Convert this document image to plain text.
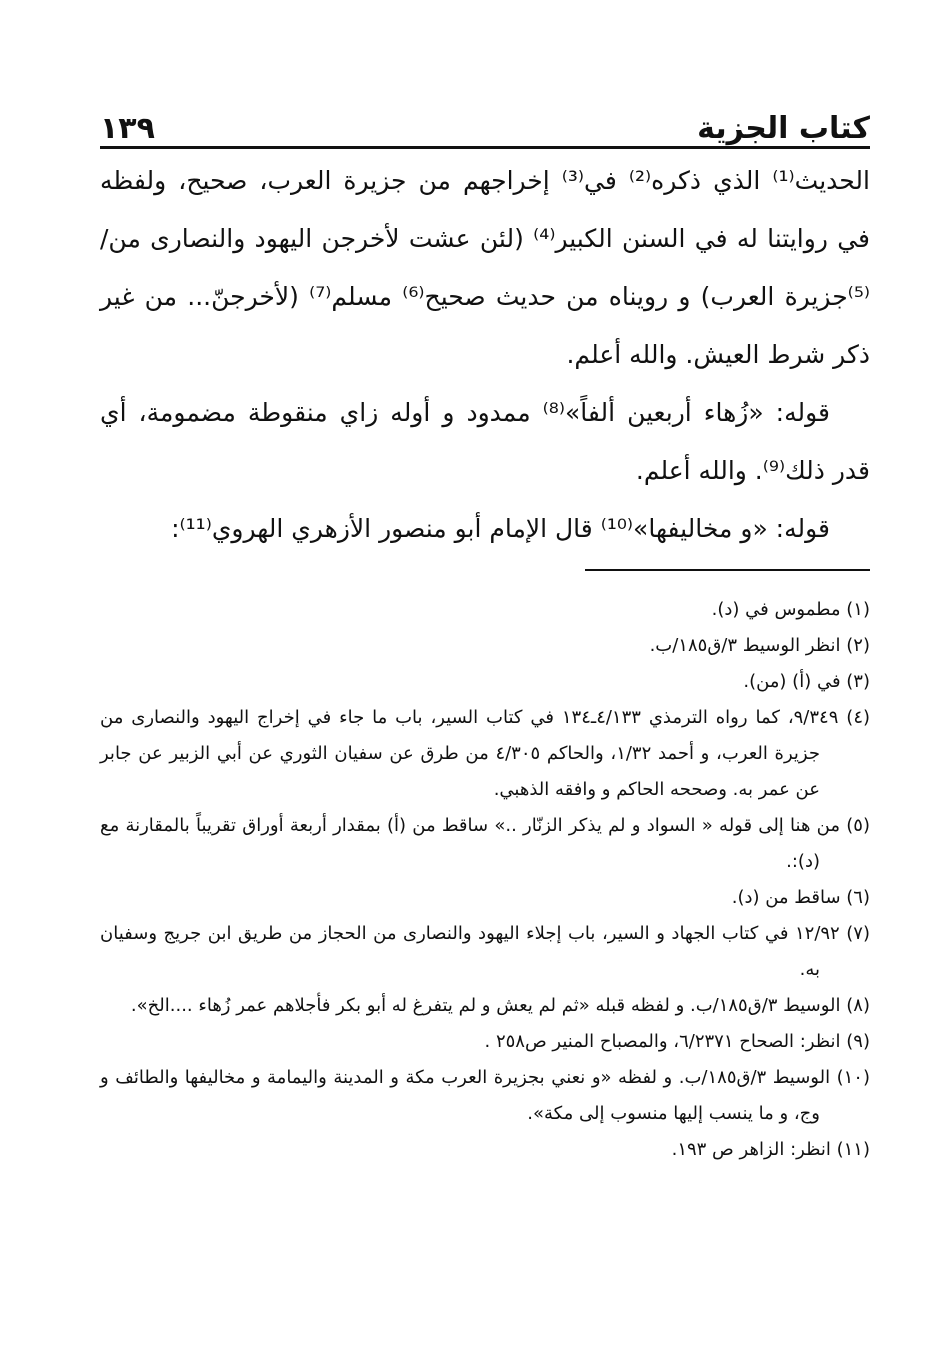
كتاب الجزية
١٣٩

الحديث⁽¹⁾ الذي ذكره⁽²⁾ في⁽³⁾ إخراجهم من جزيرة العرب، صحيح، ولفظه في روايتنا له في السنن الكبير⁽⁴⁾ (لئن عشت لأخرجن اليهود والنصارى من/⁽⁵⁾جزيرة العرب) و رويناه من حديث صحيح⁽⁶⁾ مسلم⁽⁷⁾ (لأخرجنّ... من غير ذكر شرط العيش. والله أعلم.

قوله: «زُهاء أربعين ألفاً»⁽⁸⁾ ممدود و أوله زاي منقوطة مضمومة، أي قدر ذلك⁽⁹⁾. والله أعلم.

قوله: «و مخاليفها»⁽¹⁰⁾ قال الإمام أبو منصور الأزهري الهروي⁽¹¹⁾:

(١) مطموس في (د).

(٢) انظر الوسيط ٣/ق١٨٥/ب.

(٣) في (أ) (من).

(٤) ٩/٣٤٩، كما رواه الترمذي ٤/١٣٣ـ١٣٤ في كتاب السير، باب ما جاء في إخراج اليهود والنصارى من جزيرة العرب، و أحمد ١/٣٢، والحاكم ٤/٣٠٥ من طرق عن سفيان الثوري عن أبي الزبير عن جابر عن عمر به. وصححه الحاكم و وافقه الذهبي.

(٥) من هنا إلى قوله « السواد و لم يذكر الزنّار ..» ساقط من (أ) بمقدار أربعة أوراق تقريباً بالمقارنة مع (د):.

(٦) ساقط من (د).

(٧) ١٢/٩٢ في كتاب الجهاد و السير، باب إجلاء اليهود والنصارى من الحجاز من طريق ابن جريج وسفيان به.

(٨) الوسيط ٣/ق١٨٥/ب. و لفظه قبله «ثم لم يعش و لم يتفرغ له أبو بكر فأجلاهم عمر زُهاء ....الخ».

(٩) انظر: الصحاح ٦/٢٣٧١، والمصباح المنير ص٢٥٨ .

(١٠) الوسيط ٣/ق١٨٥/ب. و لفظه «و نعني بجزيرة العرب مكة و المدينة واليمامة و مخاليفها والطائف و وج، و ما ينسب إليها منسوب إلى مكة».

(١١) انظر: الزاهر ص ١٩٣.
